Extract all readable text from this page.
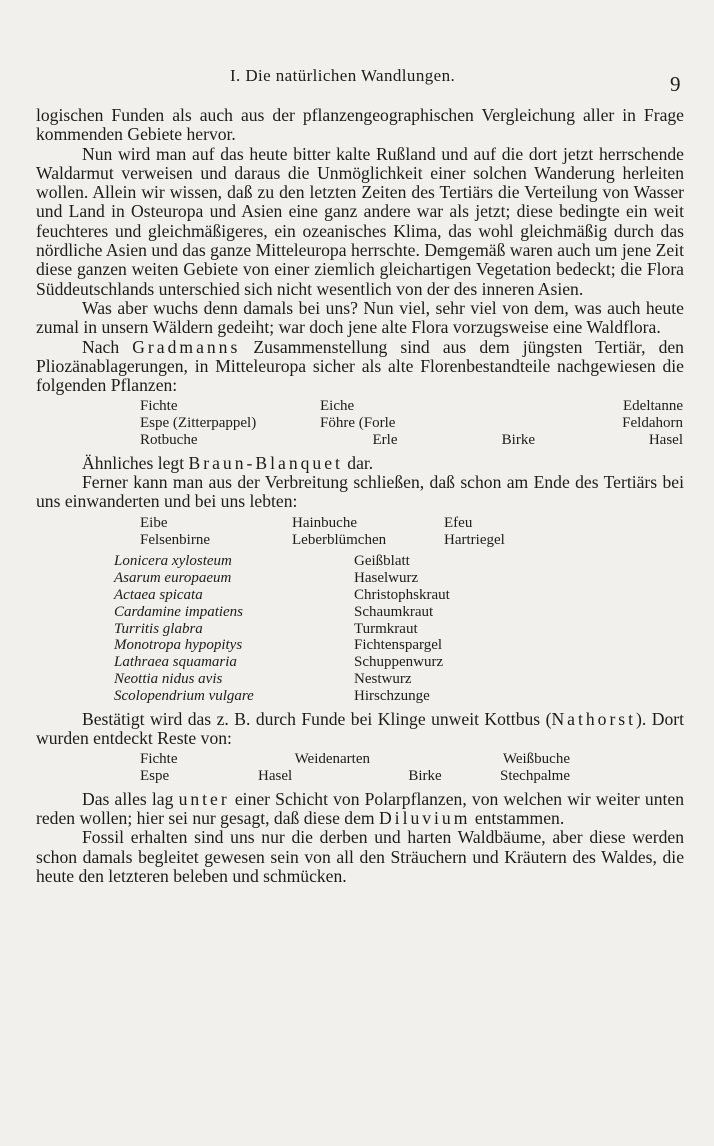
I. Die natürlichen Wandlungen.	9

logischen Funden als auch aus der pflanzengeographischen Vergleichung aller in Frage kommenden Gebiete hervor.

Nun wird man auf das heute bitter kalte Rußland und auf die dort jetzt herrschende Waldarmut verweisen und daraus die Unmöglichkeit einer solchen Wanderung herleiten wollen. Allein wir wissen, daß zu den letzten Zeiten des Tertiärs die Verteilung von Wasser und Land in Osteuropa und Asien eine ganz andere war als jetzt; diese bedingte ein weit feuchteres und gleichmäßigeres, ein ozeanisches Klima, das wohl gleichmäßig durch das nördliche Asien und das ganze Mitteleuropa herrschte. Demgemäß waren auch um jene Zeit diese ganzen weiten Gebiete von einer ziemlich gleichartigen Vegetation bedeckt; die Flora Süddeutschlands unterschied sich nicht wesentlich von der des inneren Asien.

Was aber wuchs denn damals bei uns? Nun viel, sehr viel von dem, was auch heute zumal in unsern Wäldern gedeiht; war doch jene alte Flora vorzugsweise eine Waldflora.

Nach Gradmanns Zusammenstellung sind aus dem jüngsten Tertiär, den Pliozänablagerungen, in Mitteleuropa sicher als alte Florenbestandteile nachgewiesen die folgenden Pflanzen:

Fichte	Eiche	Edeltanne
Espe (Zitterpappel)	Föhre (Forle	Feldahorn
Rotbuche	Erle	Birke	Hasel

Ähnliches legt Braun-Blanquet dar.

Ferner kann man aus der Verbreitung schließen, daß schon am Ende des Tertiärs bei uns einwanderten und bei uns lebten:

Eibe	Hainbuche	Efeu
Felsenbirne	Leberblümchen	Hartriegel
Lonicera xylosteum	Geißblatt
Asarum europaeum	Haselwurz
Actaea spicata	Christophskraut
Cardamine impatiens	Schaumkraut
Turritis glabra	Turmkraut
Monotropa hypopitys	Fichtenspargel
Lathraea squamaria	Schuppenwurz
Neottia nidus avis	Nestwurz
Scolopendrium vulgare	Hirschzunge

Bestätigt wird das z. B. durch Funde bei Klinge unweit Kottbus (Nathorst). Dort wurden entdeckt Reste von:

Fichte	Weidenarten	Weißbuche
Espe	Hasel	Birke	Stechpalme

Das alles lag unter einer Schicht von Polarpflanzen, von welchen wir weiter unten reden wollen; hier sei nur gesagt, daß diese dem Diluvium entstammen.

Fossil erhalten sind uns nur die derben und harten Waldbäume, aber diese werden schon damals begleitet gewesen sein von all den Sträuchern und Kräutern des Waldes, die heute den letzteren beleben und schmücken.
